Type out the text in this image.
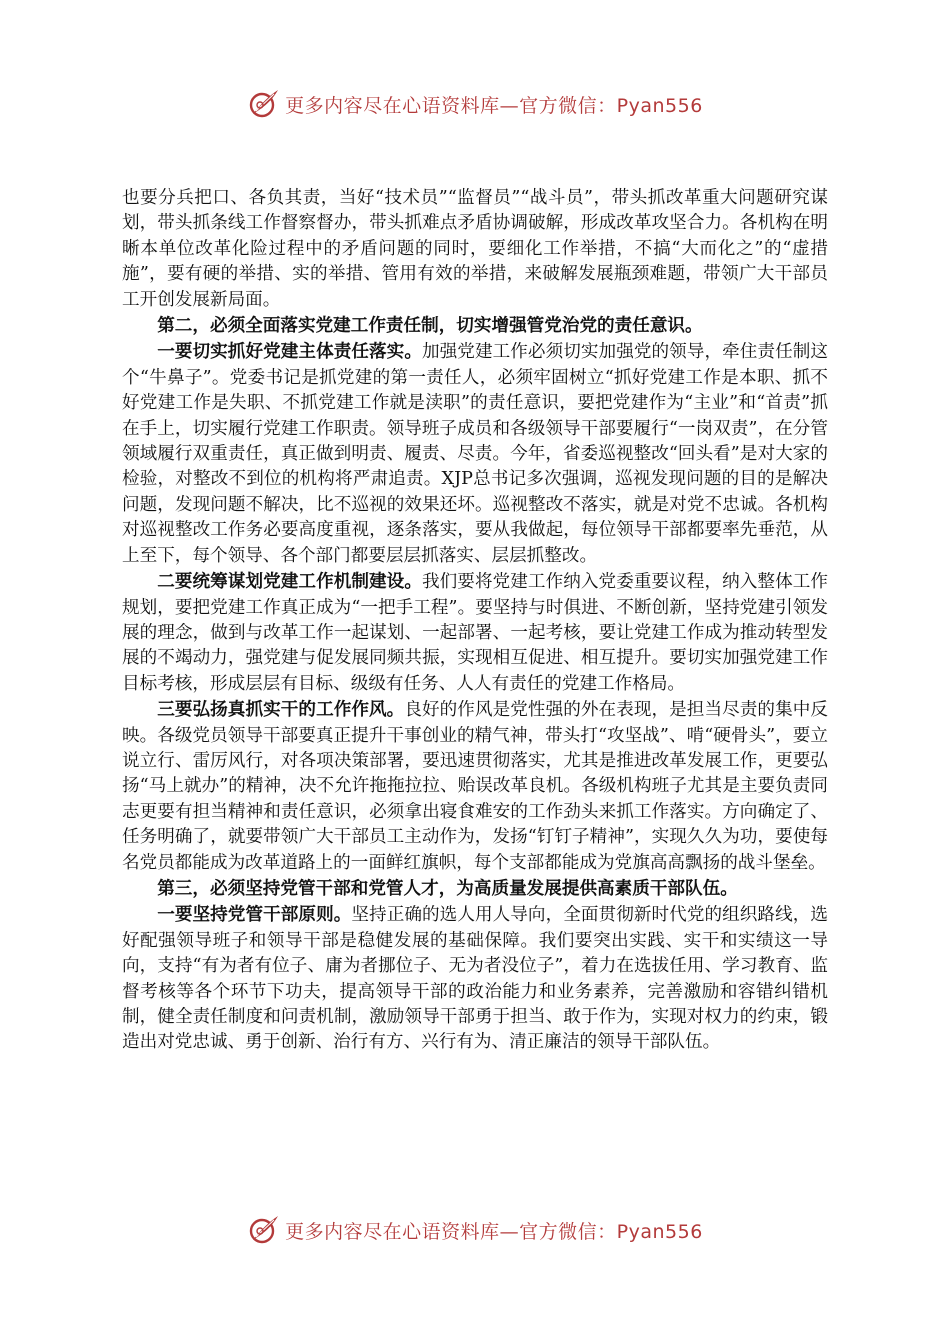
更多内容尽在心语资料库—官方微信：Pyan556

也要分兵把口、各负其责，当好“技术员”“监督员”“战斗员”，带头抓改革重大问题研究谋划，带头抓条线工作督察督办，带头抓难点矛盾协调破解，形成改革攻坚合力。各机构在明晰本单位改革化险过程中的矛盾问题的同时，要细化工作举措，不搞“大而化之”的“虚措施”，要有硬的举措、实的举措、管用有效的举措，来破解发展瓶颈难题，带领广大干部员工开创发展新局面。

第二，必须全面落实党建工作责任制，切实增强管党治党的责任意识。

一要切实抓好党建主体责任落实。加强党建工作必须切实加强党的领导，牵住责任制这个“牛鼻子”。党委书记是抓党建的第一责任人，必须牢固树立“抓好党建工作是本职、抓不好党建工作是失职、不抓党建工作就是渎职”的责任意识，要把党建作为“主业”和“首责”抓在手上，切实履行党建工作职责。领导班子成员和各级领导干部要履行“一岗双责”，在分管领域履行双重责任，真正做到明责、履责、尽责。今年，省委巡视整改“回头看”是对大家的检验，对整改不到位的机构将严肃追责。XJP总书记多次强调，巡视发现问题的目的是解决问题，发现问题不解决，比不巡视的效果还坏。巡视整改不落实，就是对党不忠诚。各机构对巡视整改工作务必要高度重视，逐条落实，要从我做起，每位领导干部都要率先垂范，从上至下，每个领导、各个部门都要层层抓落实、层层抓整改。

二要统筹谋划党建工作机制建设。我们要将党建工作纳入党委重要议程，纳入整体工作规划，要把党建工作真正成为“一把手工程”。要坚持与时俱进、不断创新，坚持党建引领发展的理念，做到与改革工作一起谋划、一起部署、一起考核，要让党建工作成为推动转型发展的不竭动力，强党建与促发展同频共振，实现相互促进、相互提升。要切实加强党建工作目标考核，形成层层有目标、级级有任务、人人有责任的党建工作格局。

三要弘扬真抓实干的工作作风。良好的作风是党性强的外在表现，是担当尽责的集中反映。各级党员领导干部要真正提升干事创业的精气神，带头打“攻坚战”、啃“硬骨头”，要立说立行、雷厉风行，对各项决策部署，要迅速贯彻落实，尤其是推进改革发展工作，更要弘扬“马上就办”的精神，决不允许拖拖拉拉、贻误改革良机。各级机构班子尤其是主要负责同志更要有担当精神和责任意识，必须拿出寝食难安的工作劲头来抓工作落实。方向确定了、任务明确了，就要带领广大干部员工主动作为，发扬“钉钉子精神”，实现久久为功，要使每名党员都能成为改革道路上的一面鲜红旗帜，每个支部都能成为党旗高高飘扬的战斗堡垒。

第三，必须坚持党管干部和党管人才，为高质量发展提供高素质干部队伍。

一要坚持党管干部原则。坚持正确的选人用人导向，全面贯彻新时代党的组织路线，选好配强领导班子和领导干部是稳健发展的基础保障。我们要突出实践、实干和实绩这一导向，支持“有为者有位子、庸为者挪位子、无为者没位子”，着力在选拔任用、学习教育、监督考核等各个环节下功夫，提高领导干部的政治能力和业务素养，完善激励和容错纠错机制，健全责任制度和问责机制，激励领导干部勇于担当、敢于作为，实现对权力的约束，锻造出对党忠诚、勇于创新、治行有方、兴行有为、清正廉洁的领导干部队伍。

更多内容尽在心语资料库—官方微信：Pyan556
